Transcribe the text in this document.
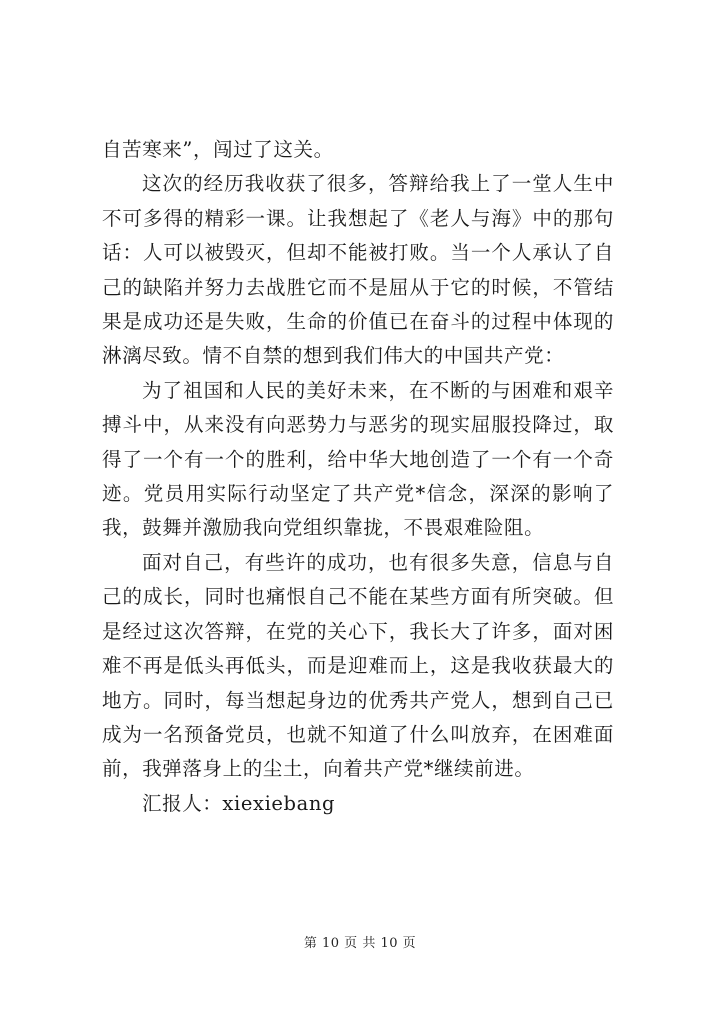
自苦寒来”，闯过了这关。

这次的经历我收获了很多，答辩给我上了一堂人生中不可多得的精彩一课。让我想起了《老人与海》中的那句话：人可以被毁灭，但却不能被打败。当一个人承认了自己的缺陷并努力去战胜它而不是屈从于它的时候，不管结果是成功还是失败，生命的价值已在奋斗的过程中体现的淋漓尽致。情不自禁的想到我们伟大的中国共产党：

为了祖国和人民的美好未来，在不断的与困难和艰辛搏斗中，从来没有向恶势力与恶劣的现实屈服投降过，取得了一个有一个的胜利，给中华大地创造了一个有一个奇迹。党员用实际行动坚定了共产党*信念，深深的影响了我，鼓舞并激励我向党组织靠拢，不畏艰难险阻。

面对自己，有些许的成功，也有很多失意，信息与自己的成长，同时也痛恨自己不能在某些方面有所突破。但是经过这次答辩，在党的关心下，我长大了许多，面对困难不再是低头再低头，而是迎难而上，这是我收获最大的地方。同时，每当想起身边的优秀共产党人，想到自己已成为一名预备党员，也就不知道了什么叫放弃，在困难面前，我弹落身上的尘土，向着共产党*继续前进。

汇报人：xiexiebang

第 10 页 共 10 页
